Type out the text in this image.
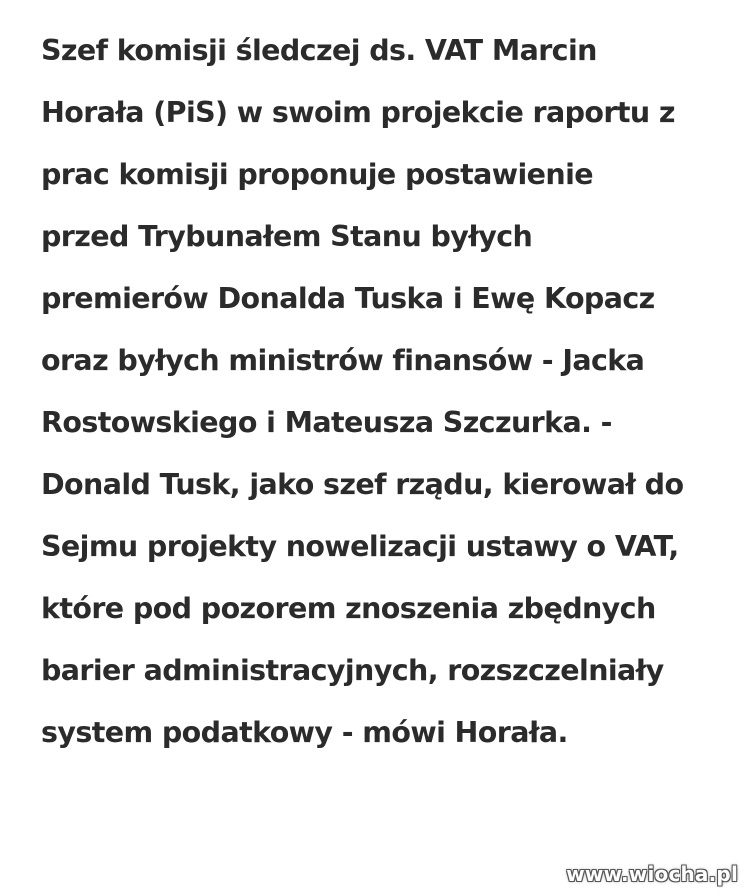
Szef komisji śledczej ds. VAT Marcin
Horała (PiS) w swoim projekcie raportu z
prac komisji proponuje postawienie
przed Trybunałem Stanu byłych
premierów Donalda Tuska i Ewę Kopacz
oraz byłych ministrów finansów - Jacka
Rostowskiego i Mateusza Szczurka. -
Donald Tusk, jako szef rządu, kierował do
Sejmu projekty nowelizacji ustawy o VAT,
które pod pozorem znoszenia zbędnych
barier administracyjnych, rozszczelniały
system podatkowy - mówi Horała.
www.wiocha.pl
